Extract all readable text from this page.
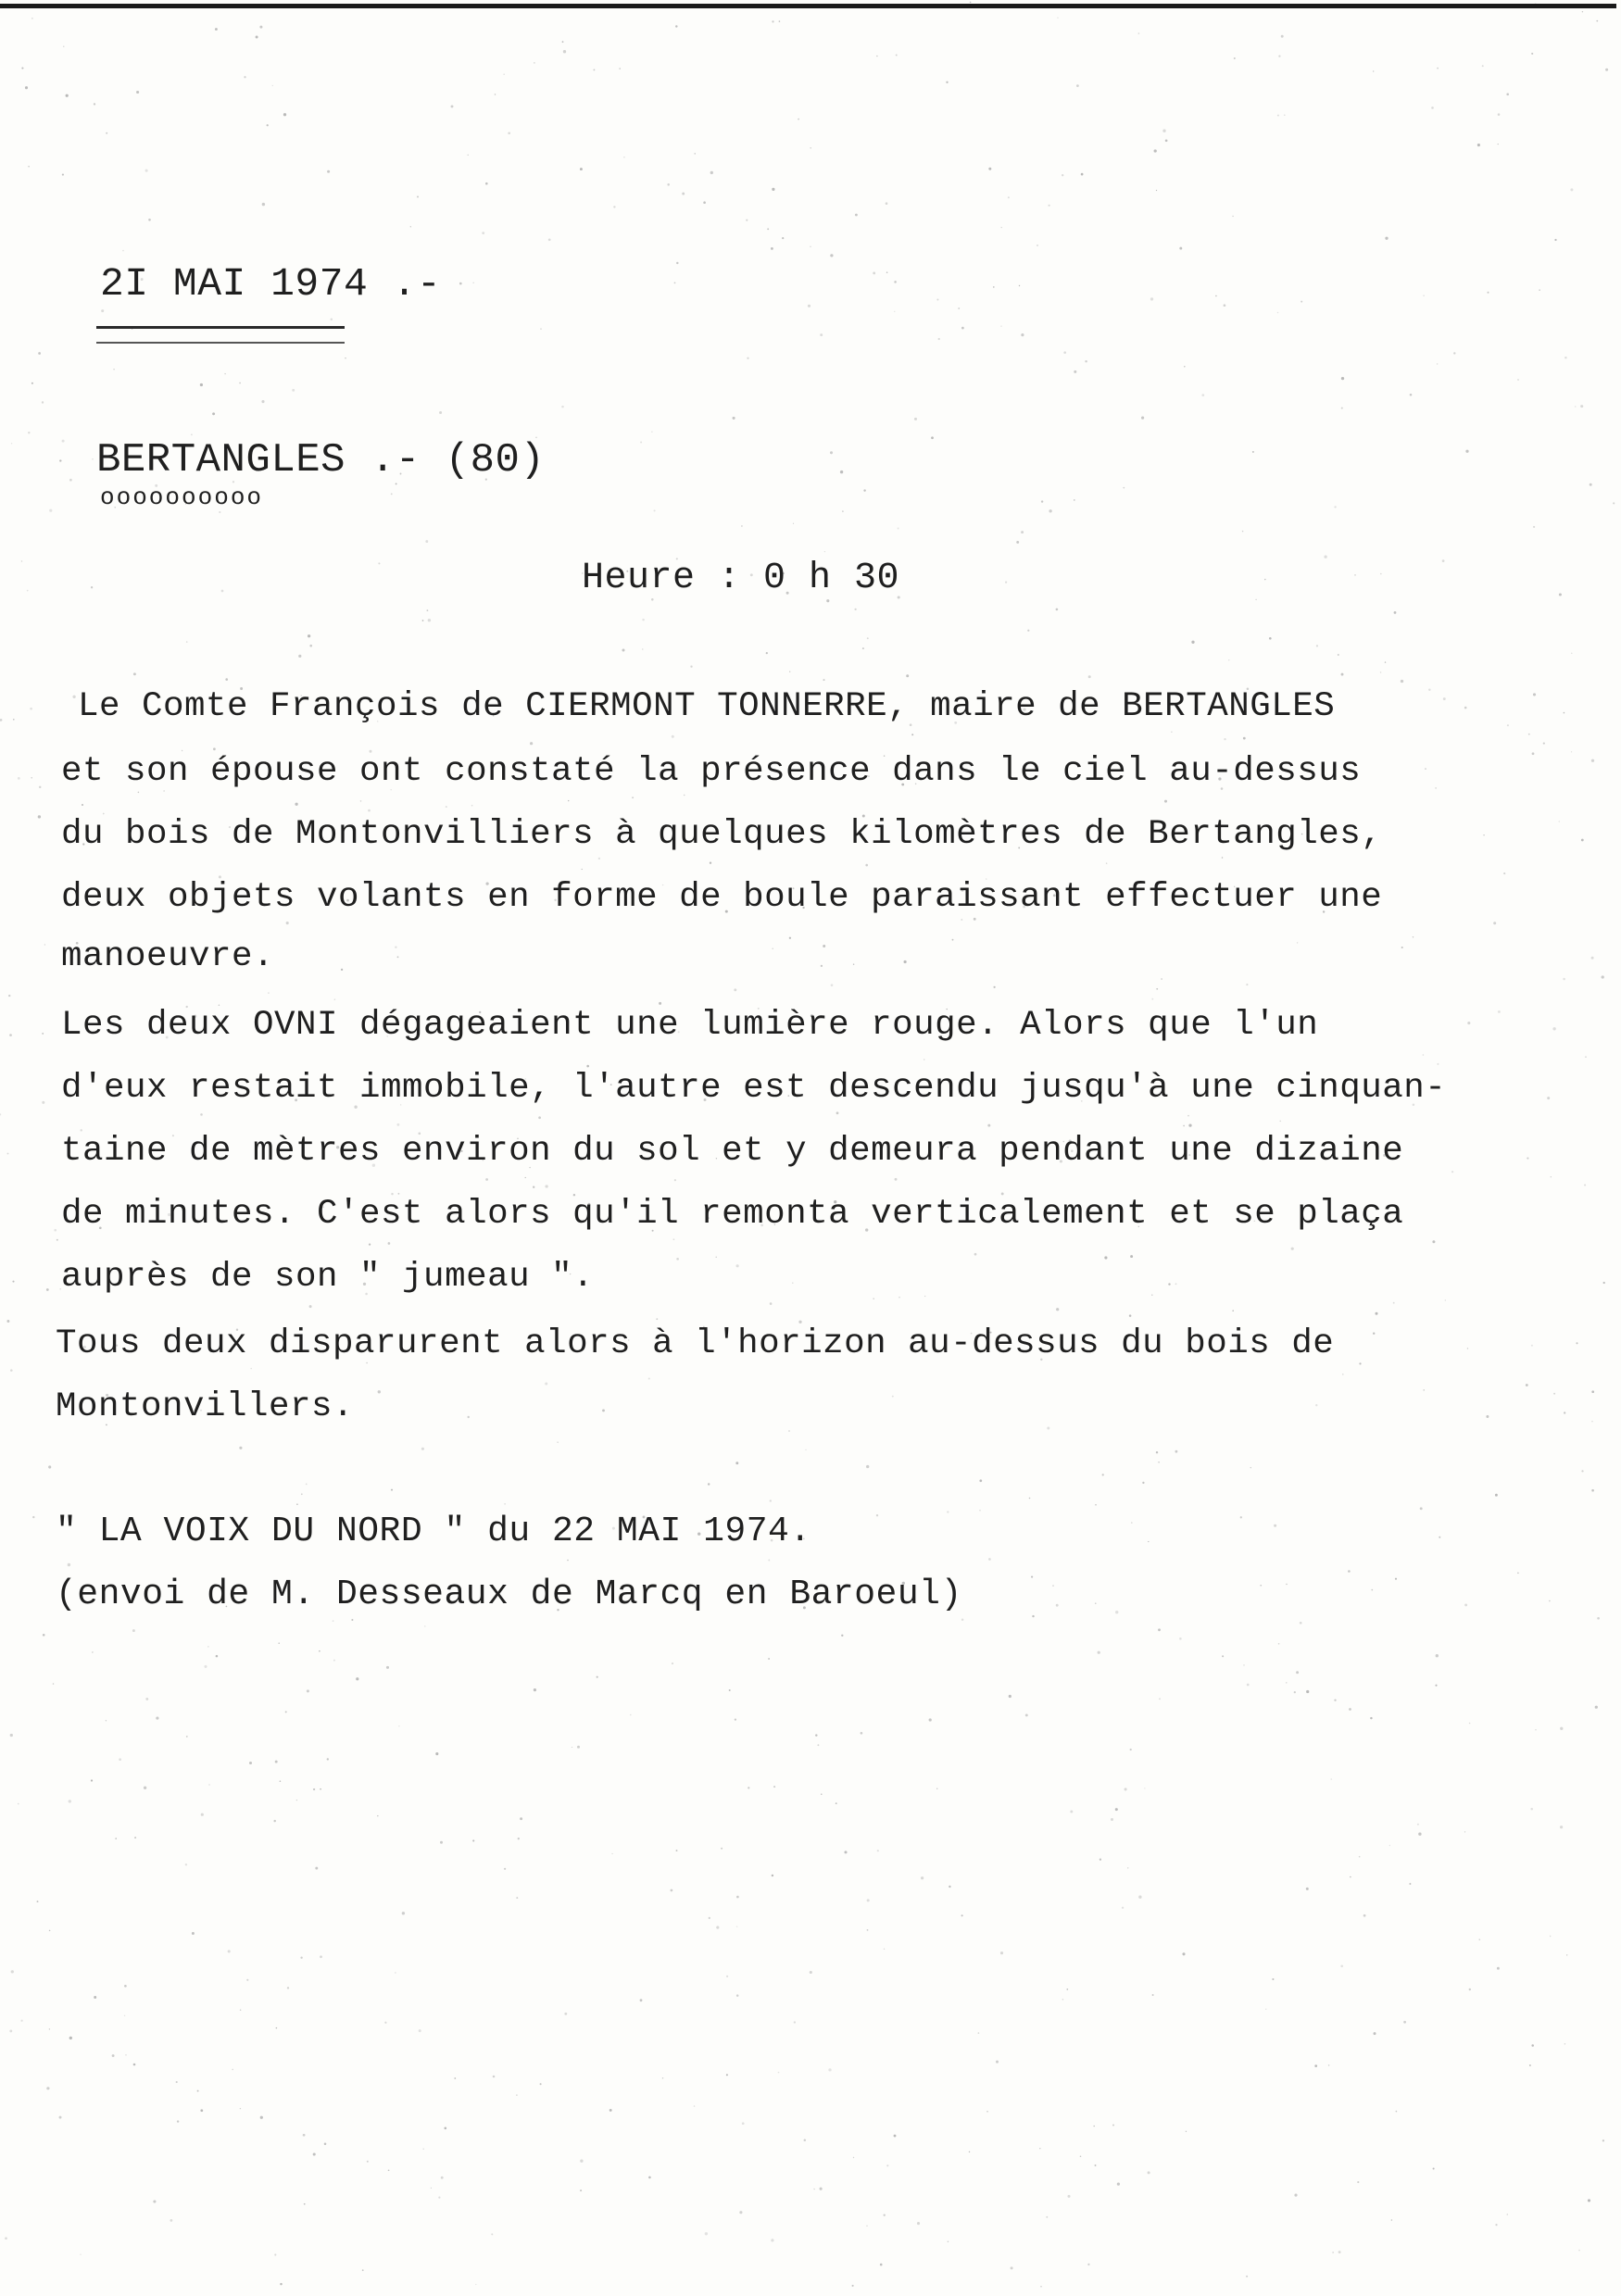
2I MAI 1974 .-
BERTANGLES .- (80)
oooooooooo
Heure : 0 h 30
Le Comte François de CIERMONT TONNERRE, maire de BERTANGLES
et son épouse ont constaté la présence dans le ciel au-dessus
du bois de Montonvilliers à quelques kilomètres de Bertangles,
deux objets volants en forme de boule paraissant effectuer une
manoeuvre.
Les deux OVNI dégageaient une lumière rouge. Alors que l'un
d'eux restait immobile, l'autre est descendu jusqu'à une cinquan-
taine de mètres environ du sol et y demeura pendant une dizaine
de minutes. C'est alors qu'il remonta verticalement et se plaça
auprès de son " jumeau ".
Tous deux disparurent alors à l'horizon au-dessus du bois de
Montonvillers.
" LA VOIX DU NORD " du 22 MAI 1974.
(envoi de M. Desseaux de Marcq en Baroeul)
